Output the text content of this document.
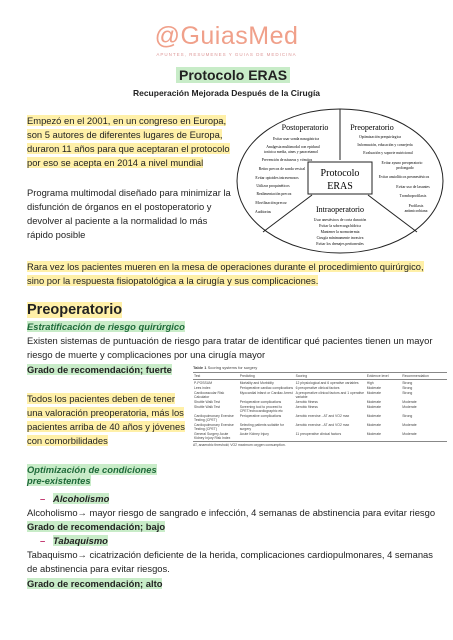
@GuiasMed
APUNTES, RESUMENES Y GUIAS DE MEDICINA
Protocolo ERAS
Recuperación Mejorada Después de la Cirugía
Empezó en el 2001, en un congreso en Europa,
son 5 autores de diferentes lugares de Europa,
duraron 11 años para que aceptaran el protocolo
por eso se acepta en 2014 a nivel mundial
Programa multimodal diseñado para minimizar la
disfunción de órganos en el postoperatorio y
devolver al paciente a la normalidad lo más
rápido posible
Protocolo
ERAS
Postoperatorio
Evitar usar sonda nasogástrica
Analgesia multimodal con epidural
torácica media, aines y paracetamol
Prevención de náuseas y vómitos
Retiro precoz de sonda vesical
Evitar opioides intravenosos
Utilizar proquinéticos
Realimentación precoz
Movilización precoz
Auditorias
Preoperatorio
Optimización prequirúrgica
Información, educación y consejería
Evaluación y soporte nutricional
Evitar ayuno preoperatorio
prolongado
Evitar ansiolíticos preanestésicos
Evitar uso de laxantes
Tromboprofilaxis
Profilaxis
antimicrobiana
Intraoperatorio
Usar anestésicos de corta duración
Evitar la sobrecarga hídrica
Mantener la normotermia
Cirugía mínimamente invasiva
Evitar los drenajes peritoneales
Rara vez los pacientes mueren en la mesa de operaciones durante el procedimiento quirúrgico,
sino por la respuesta fisiopatológica a la cirugía y sus complicaciones.
Preoperatorio
Estratificación de riesgo quirúrgico
Existen sistemas de puntuación de riesgo para tratar de identificar qué pacientes tienen un mayor
riesgo de muerte y complicaciones por una cirugía mayor
Grado de recomendación; fuerte
Todos los pacientes deben de tener
una valoración preoperatoria, más los
pacientes arriba de 40 años y jóvenes
con comorbilidades
Optimización de condiciones
pre-existentes
– Alcoholismo
Alcoholismo→ mayor riesgo de sangrado e infección, 4 semanas de abstinencia para evitar riesgo
Grado de recomendación; bajo
– Tabaquismo
Tabaquismo→ cicatrización deficiente de la herida, complicaciones cardiopulmonares, 4 semanas
de abstinencia para evitar riesgos.
Grado de recomendación; alto
Table 1 Scoring systems for surgery
Test	Predicting	Scoring	Evidence level	Recommendation
P-POSSUM	Mortality and Morbidity	12 physiological and 6 operative variables	High	Strong
Lees index	Perioperative cardiac complications	6 preoperative clinical factors	Moderate	Strong
Cardiovascular Risk Calculator	Myocardial infarct or Cardiac Arrest	A preoperative clinical factors and 1 operative variable	Moderate	Strong
Shuttle Walk Test	Perioperative complications	Aerobic fitness	Moderate	Moderate
Shuttle Walk Test	Screening tool to proceed to CPET/echocardiographic etc	Aerobic fitness	Moderate	Moderate
Cardiopulmonary Exercise Testing (CPET)	Perioperative complications	Aerobic exercise - AT and VO2 max	Moderate	Strong
Cardiopulmonary Exercise Testing (CPET)	Selecting patients suitable for surgery	Aerobic exercise - AT and VO2 max	Moderate	Moderate
General Surgery Acute Kidney Injury Risk Index	Acute Kidney Injury	11 preoperative clinical factors	Moderate	Moderate
AT, anaerobic threshold; VO2 maximum oxygen consumption.
